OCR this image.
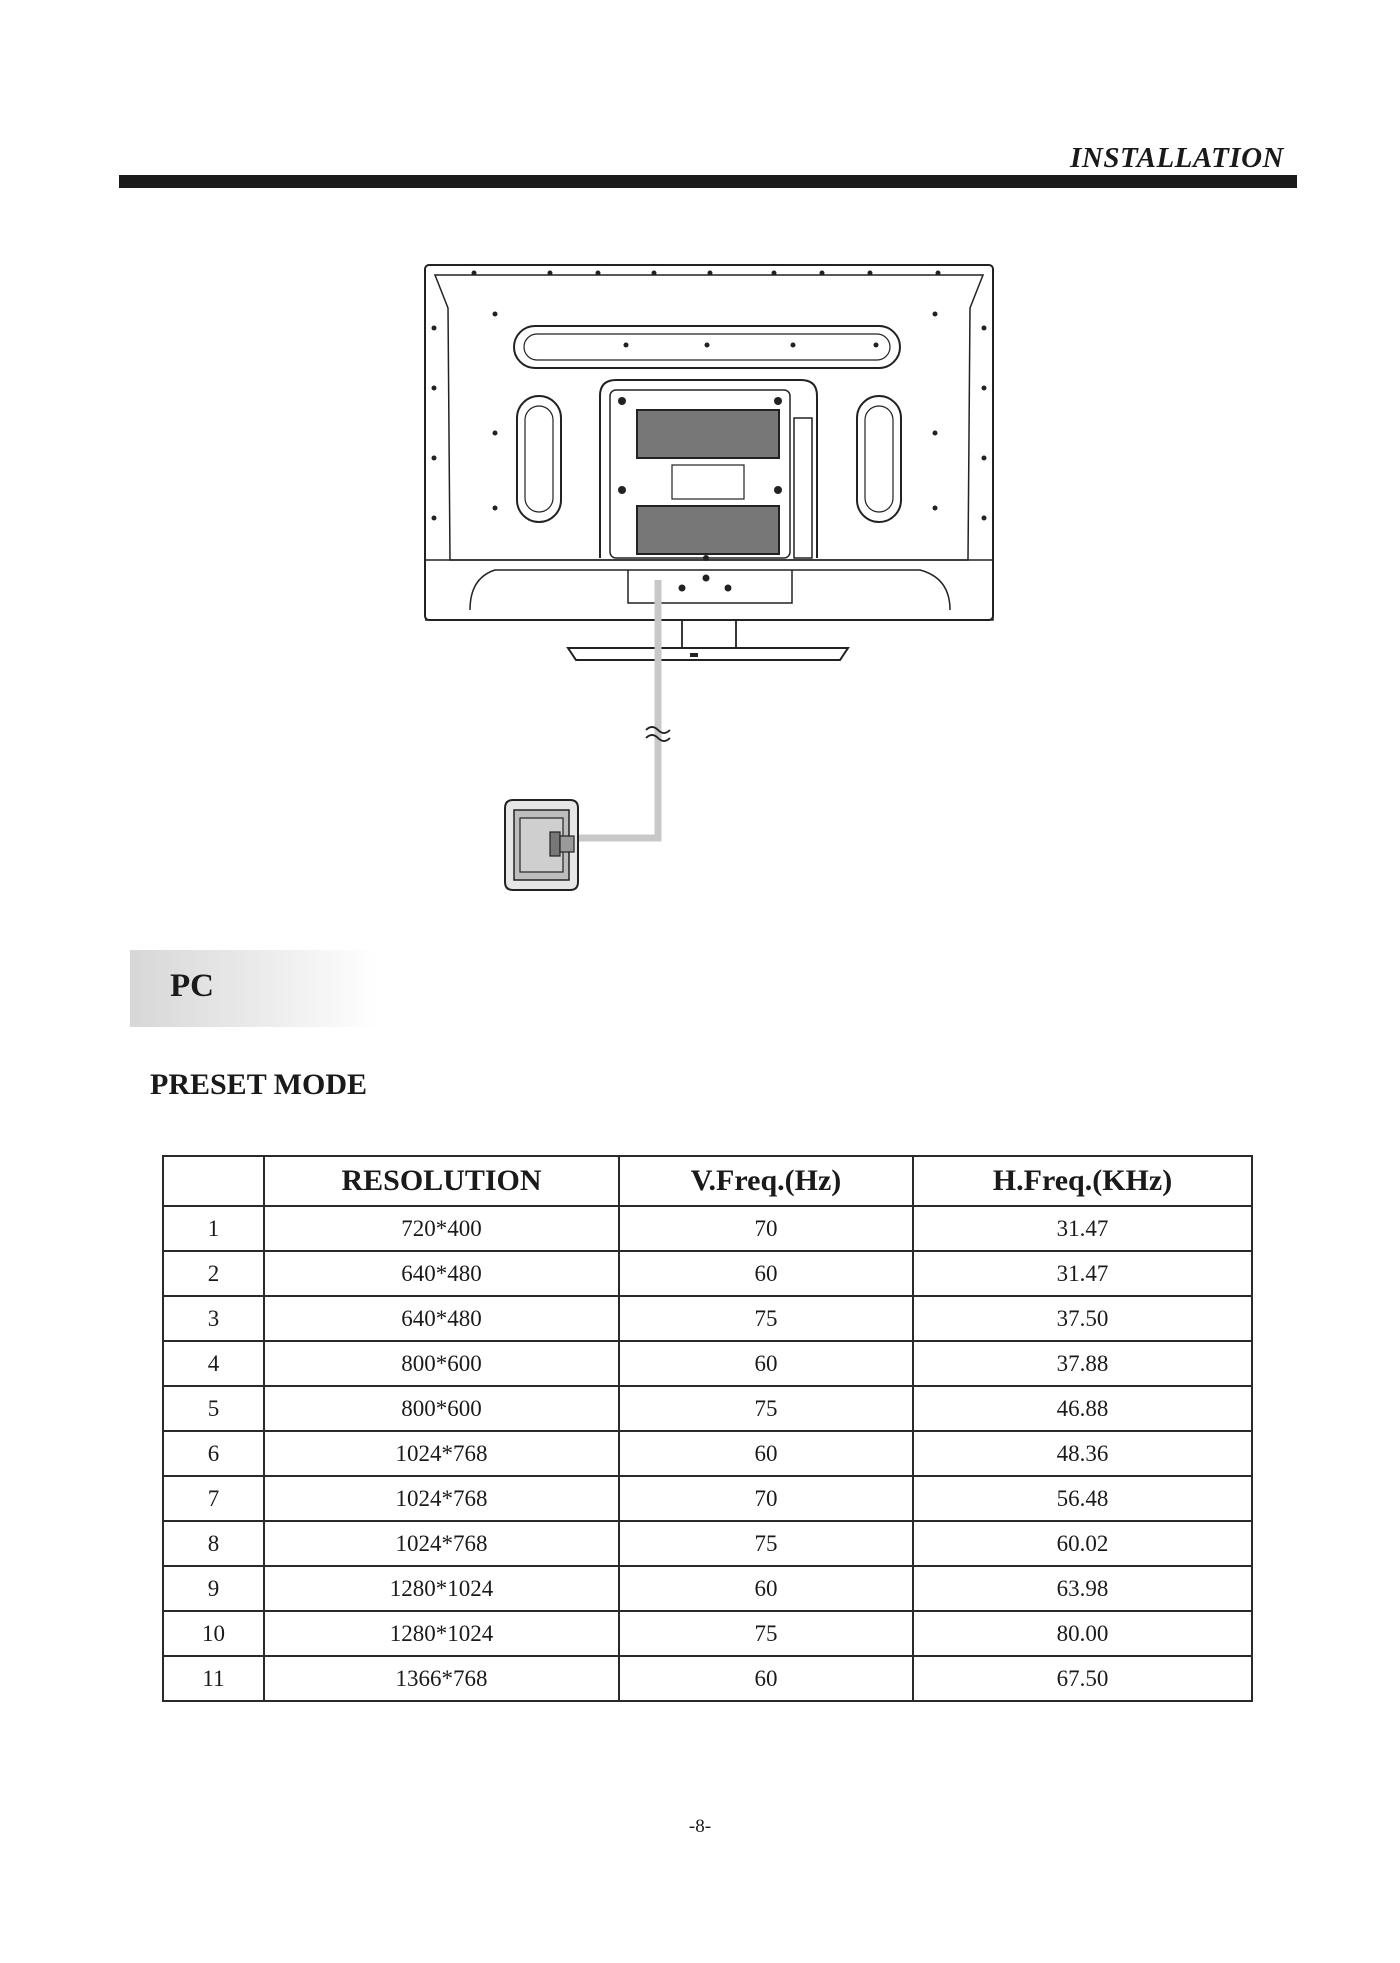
INSTALLATION
PC
PRESET MODE
	RESOLUTION	V.Freq.(Hz)	H.Freq.(KHz)
1	720*400	70	31.47
2	640*480	60	31.47
3	640*480	75	37.50
4	800*600	60	37.88
5	800*600	75	46.88
6	1024*768	60	48.36
7	1024*768	70	56.48
8	1024*768	75	60.02
9	1280*1024	60	63.98
10	1280*1024	75	80.00
11	1366*768	60	67.50
-8-
